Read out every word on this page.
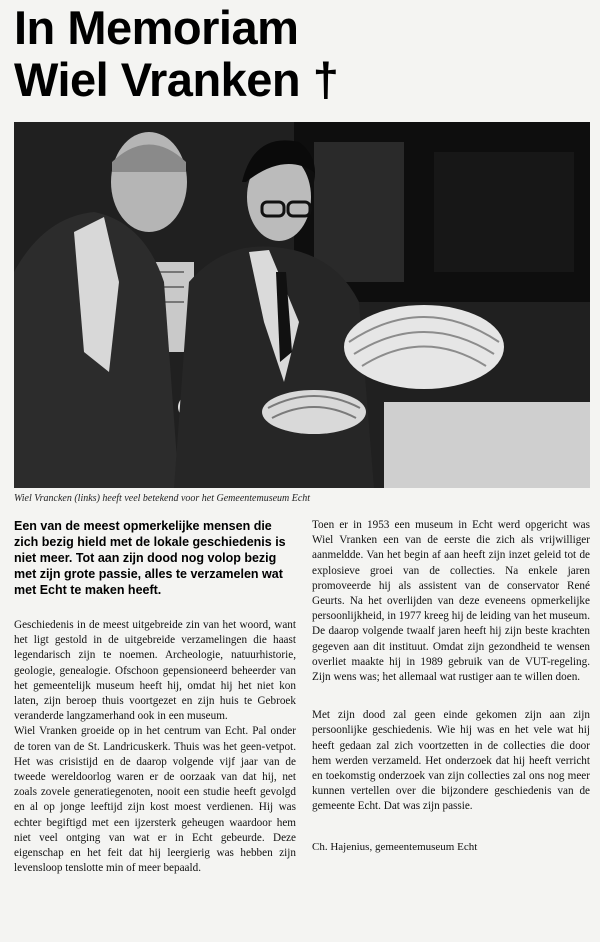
In Memoriam
Wiel Vranken †
Wiel Vrancken (links) heeft veel betekend voor het Gemeentemuseum Echt
Een van de meest opmerkelijke mensen die zich bezig hield met de lokale geschiedenis is niet meer. Tot aan zijn dood nog volop bezig met zijn grote passie, alles te verzamelen wat met Echt te maken heeft.

Geschiedenis in de meest uitgebreide zin van het woord, want het ligt gestold in de uitgebreide verzamelingen die haast legendarisch zijn te noemen. Archeologie, natuurhistorie, geologie, genealogie. Ofschoon gepensioneerd beheerder van het gemeentelijk museum heeft hij, omdat hij het niet kon laten, zijn beroep thuis voortgezet en zijn huis te Gebroek veranderde langzamerhand ook in een museum.

Wiel Vranken groeide op in het centrum van Echt. Pal onder de toren van de St. Landricuskerk. Thuis was het geen-vetpot. Het was crisistijd en de daarop volgende vijf jaar van de tweede wereldoorlog waren er de oorzaak van dat hij, net zoals zovele generatiegenoten, nooit een studie heeft gevolgd en al op jonge leeftijd zijn kost moest verdienen. Hij was echter begiftigd met een ijzersterk geheugen waardoor hem niet veel ontging van wat er in Echt gebeurde. Deze eigenschap en het feit dat hij leergierig was hebben zijn levensloop tenslotte min of meer bepaald.

Toen er in 1953 een museum in Echt werd opgericht was Wiel Vranken een van de eerste die zich als vrijwilliger aanmeldde. Van het begin af aan heeft zijn inzet geleid tot de explosieve groei van de collecties. Na enkele jaren promoveerde hij als assistent van de conservator René Geurts. Na het overlijden van deze eveneens opmerkelijke persoonlijkheid, in 1977 kreeg hij de leiding van het museum. De daarop volgende twaalf jaren heeft hij zijn beste krachten gegeven aan dit instituut. Omdat zijn gezondheid te wensen overliet maakte hij in 1989 gebruik van de VUT-regeling. Zijn wens was; het allemaal wat rustiger aan te willen doen.

Met zijn dood zal geen einde gekomen zijn aan zijn persoonlijke geschiedenis. Wie hij was en het vele wat hij heeft gedaan zal zich voortzetten in de collecties die door hem werden verzameld. Het onderzoek dat hij heeft verricht en toekomstig onderzoek van zijn collecties zal ons nog meer kunnen vertellen over die bijzondere geschiedenis van de gemeente Echt. Dat was zijn passie.

Ch. Hajenius, gemeentemuseum Echt
